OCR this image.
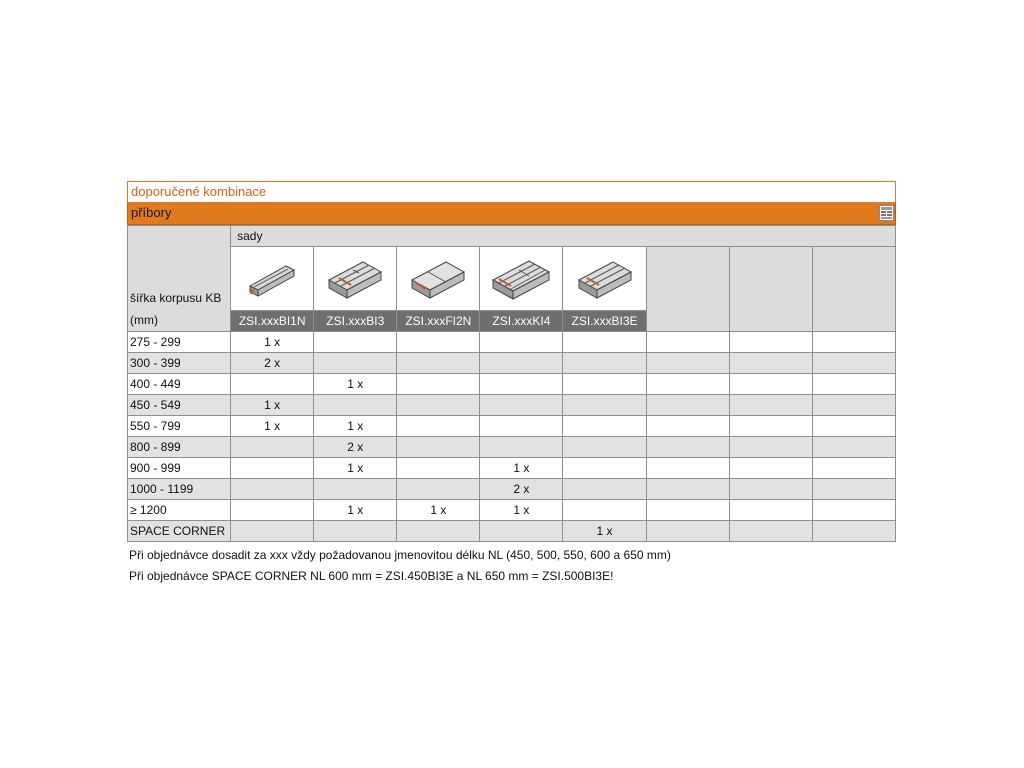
doporučené kombinace
příbory
šířka korpusu KB
(mm)	sady							

	ZSI.xxxBI1N	ZSI.xxxBI3	ZSI.xxxFI2N	ZSI.xxxKI4	ZSI.xxxBI3E			
275 - 299	1 x							
300 - 399	2 x							
400 - 449		1 x						
450 - 549	1 x							
550 - 799	1 x	1 x						
800 - 899		2 x						
900 - 999		1 x		1 x				
1000 - 1199				2 x				
≥ 1200		1 x	1 x	1 x				
SPACE CORNER					1 x			
Při objednávce dosadit za xxx vždy požadovanou jmenovitou délku NL (450, 500, 550, 600 a 650 mm)
Při objednávce SPACE CORNER NL 600 mm = ZSI.450BI3E a NL 650 mm = ZSI.500BI3E!
